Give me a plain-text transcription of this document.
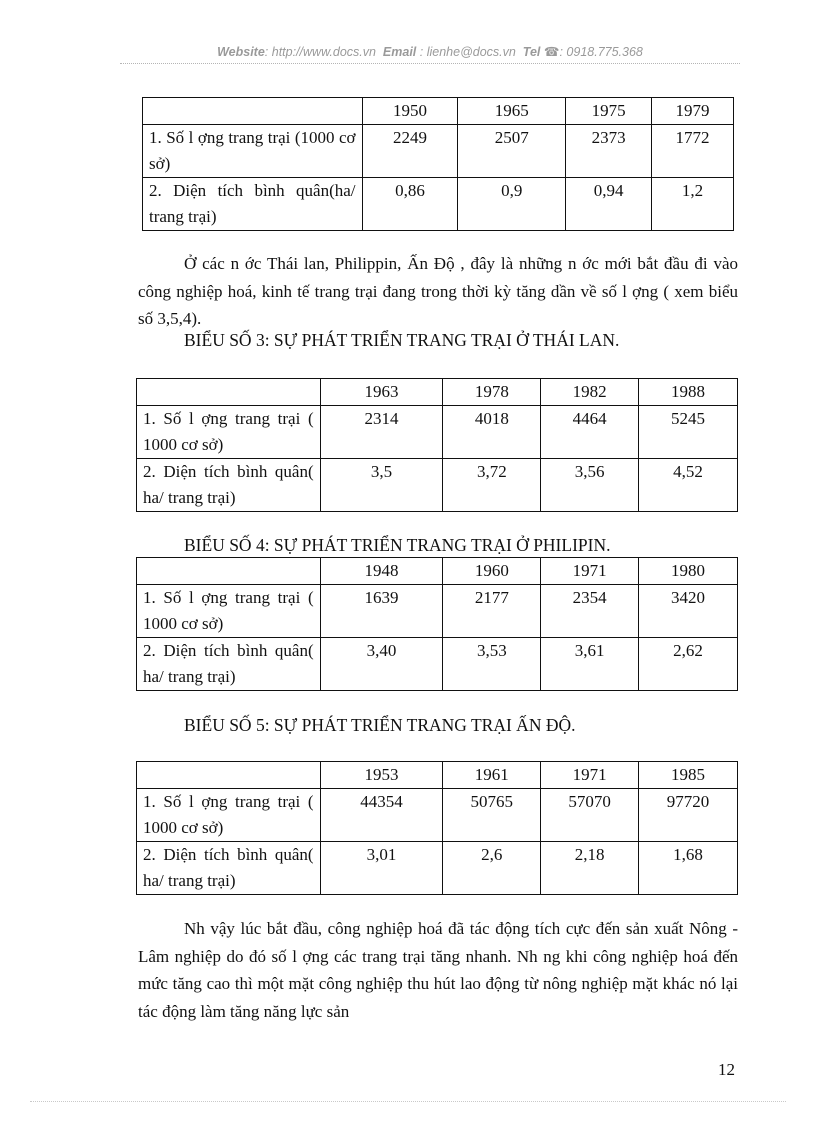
Website: http://www.docs.vn Email : lienhe@docs.vn Tel ☎: 0918.775.368
	1950	1965	1975	1979
1. Số l ợng trang trại (1000 cơ sở)	2249	2507	2373	1772
2. Diện tích bình quân(ha/ trang trại)	0,86	0,9	0,94	1,2

Ở các n ớc Thái lan, Philippin, Ấn Độ , đây là những n ớc mới bắt đầu đi vào công nghiệp hoá, kinh tế trang trại đang trong thời kỳ tăng dần về số l ợng ( xem biểu số 3,5,4).

BIỂU SỐ 3: SỰ PHÁT TRIỂN TRANG TRẠI Ở THÁI LAN.

	1963	1978	1982	1988
1. Số l ợng trang trại ( 1000 cơ sở)	2314	4018	4464	5245
2. Diện tích bình quân( ha/ trang trại)	3,5	3,72	3,56	4,52

BIỂU SỐ 4: SỰ PHÁT TRIỂN TRANG TRẠI Ở PHILIPIN.

	1948	1960	1971	1980
1. Số l ợng trang trại ( 1000 cơ sở)	1639	2177	2354	3420
2. Diện tích bình quân( ha/ trang trại)	3,40	3,53	3,61	2,62

BIỂU SỐ 5: SỰ PHÁT TRIỂN TRANG TRẠI ẤN ĐỘ.

	1953	1961	1971	1985
1. Số l ợng trang trại ( 1000 cơ sở)	44354	50765	57070	97720
2. Diện tích bình quân( ha/ trang trại)	3,01	2,6	2,18	1,68

Nh vậy lúc bắt đầu, công nghiệp hoá đã tác động tích cực đến sản xuất Nông - Lâm nghiệp do đó số l ợng các trang trại tăng nhanh. Nh ng khi công nghiệp hoá đến mức tăng cao thì một mặt công nghiệp thu hút lao động từ nông nghiệp mặt khác nó lại tác động làm tăng năng lực sản

12
